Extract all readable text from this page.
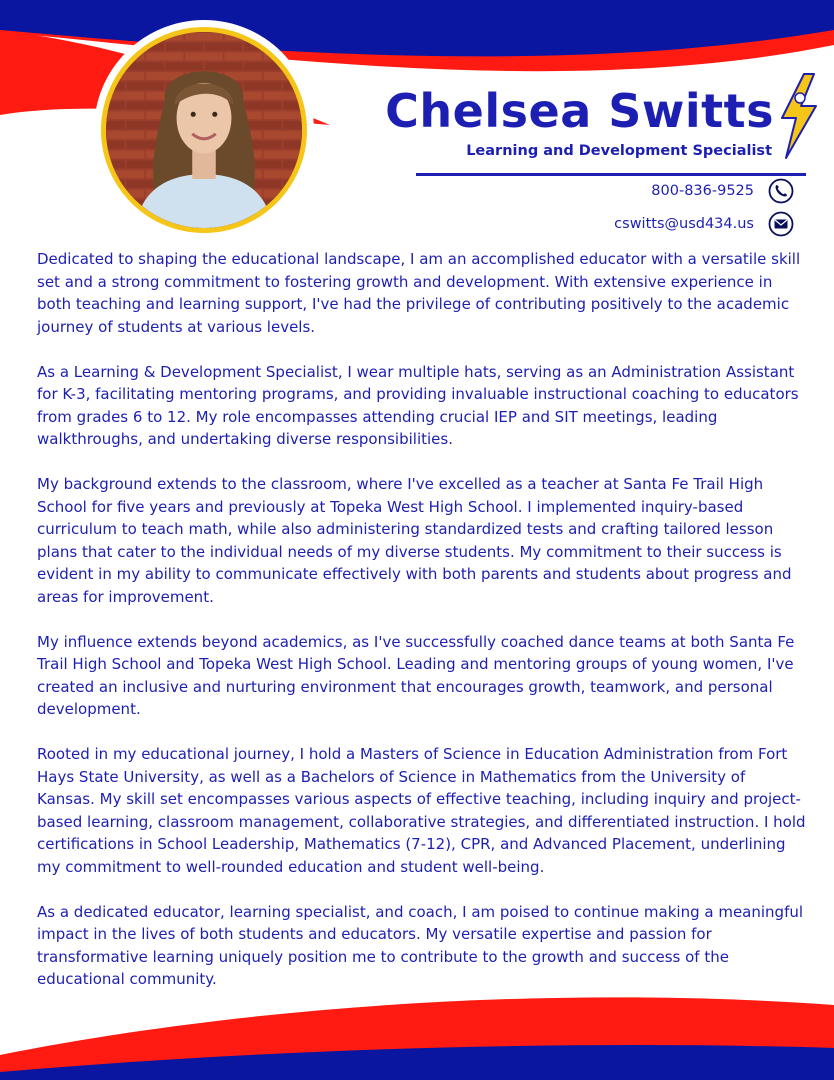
Chelsea Switts
Learning and Development Specialist
800-836-9525
cswitts@usd434.us

Dedicated to shaping the educational landscape, I am an accomplished educator with a versatile skill set and a strong commitment to fostering growth and development. With extensive experience in both teaching and learning support, I've had the privilege of contributing positively to the academic journey of students at various levels.

As a Learning & Development Specialist, I wear multiple hats, serving as an Administration Assistant for K-3, facilitating mentoring programs, and providing invaluable instructional coaching to educators from grades 6 to 12. My role encompasses attending crucial IEP and SIT meetings, leading walkthroughs, and undertaking diverse responsibilities.

My background extends to the classroom, where I've excelled as a teacher at Santa Fe Trail High School for five years and previously at Topeka West High School. I implemented inquiry-based curriculum to teach math, while also administering standardized tests and crafting tailored lesson plans that cater to the individual needs of my diverse students. My commitment to their success is evident in my ability to communicate effectively with both parents and students about progress and areas for improvement.

My influence extends beyond academics, as I've successfully coached dance teams at both Santa Fe Trail High School and Topeka West High School. Leading and mentoring groups of young women, I've created an inclusive and nurturing environment that encourages growth, teamwork, and personal development.

Rooted in my educational journey, I hold a Masters of Science in Education Administration from Fort Hays State University, as well as a Bachelors of Science in Mathematics from the University of Kansas. My skill set encompasses various aspects of effective teaching, including inquiry and project-based learning, classroom management, collaborative strategies, and differentiated instruction. I hold certifications in School Leadership, Mathematics (7-12), CPR, and Advanced Placement, underlining my commitment to well-rounded education and student well-being.

As a dedicated educator, learning specialist, and coach, I am poised to continue making a meaningful impact in the lives of both students and educators. My versatile expertise and passion for transformative learning uniquely position me to contribute to the growth and success of the educational community.
